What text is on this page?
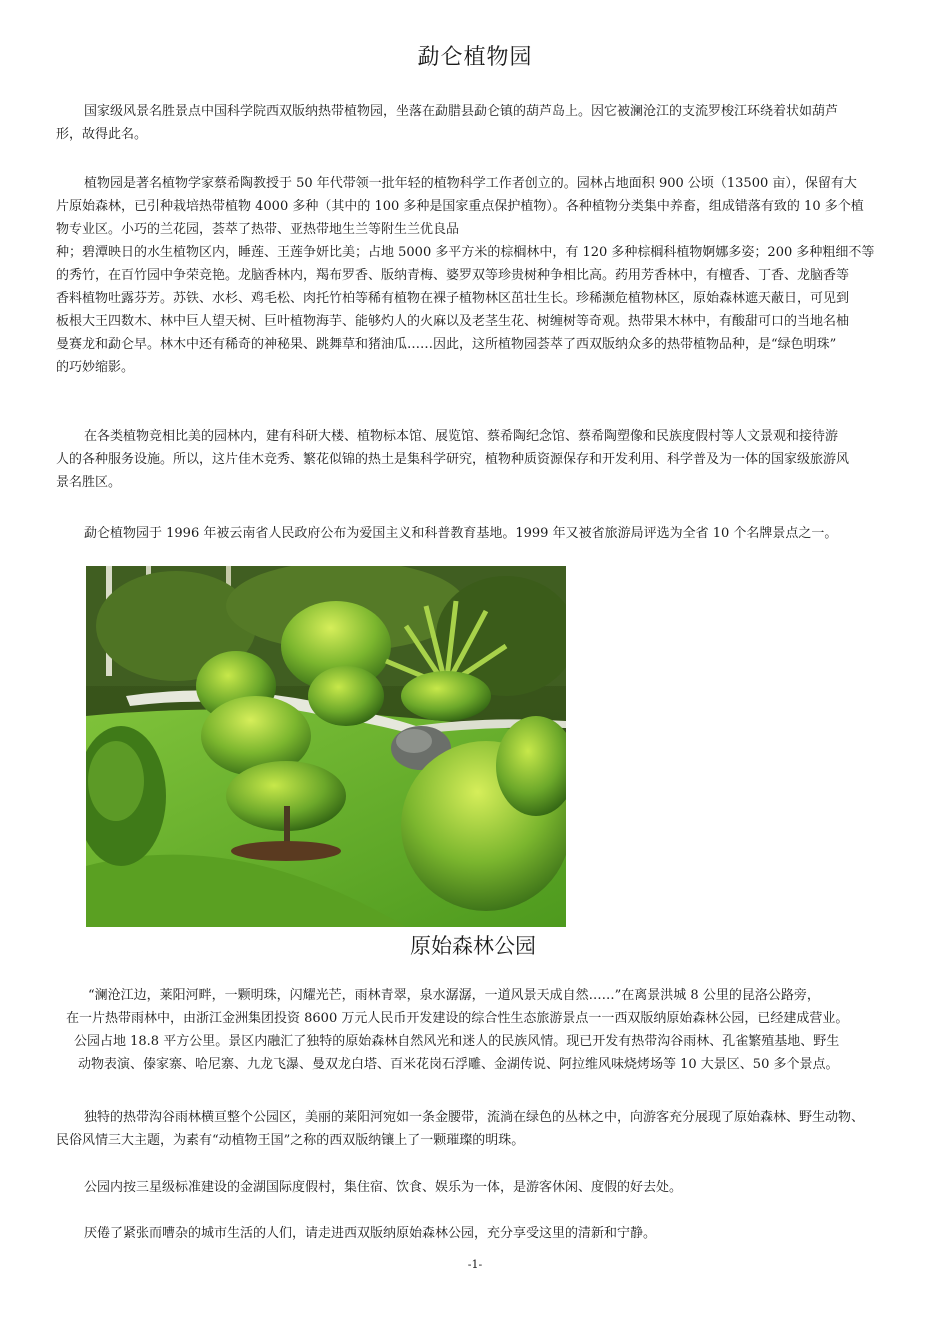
勐仑植物园
国家级风景名胜景点中国科学院西双版纳热带植物园，坐落在勐腊县勐仑镇的葫芦岛上。因它被澜沧江的支流罗梭江环绕着状如葫芦
形，故得此名。
植物园是著名植物学家蔡希陶教授于 50 年代带领一批年轻的植物科学工作者创立的。园林占地面积 900 公顷（13500 亩），保留有大
片原始森林，已引种栽培热带植物 4000 多种（其中的 100 多种是国家重点保护植物）。各种植物分类集中养畜，组成错落有致的 10 多个植
物专业区。小巧的兰花园，荟萃了热带、亚热带地生兰等附生兰优良品
种；碧潭映日的水生植物区内，睡莲、王莲争妍比美；占地 5000 多平方米的棕榈林中，有 120 多种棕榈科植物婀娜多姿；200 多种粗细不等
的秀竹，在百竹园中争荣竞艳。龙脑香林内，羯布罗香、版纳青梅、婆罗双等珍贵树种争相比高。药用芳香林中，有檀香、丁香、龙脑香等
香料植物吐露芬芳。苏铁、水杉、鸡毛松、肉托竹柏等稀有植物在裸子植物林区茁壮生长。珍稀濒危植物林区，原始森林遮天蔽日，可见到
板根大王四数木、林中巨人望天树、巨叶植物海芋、能够灼人的火麻以及老茎生花、树缠树等奇观。热带果木林中，有酸甜可口的当地名柚
曼赛龙和勐仑早。林木中还有稀奇的神秘果、跳舞草和猪油瓜……因此，这所植物园荟萃了西双版纳众多的热带植物品种，是“绿色明珠”
的巧妙缩影。
在各类植物竞相比美的园林内，建有科研大楼、植物标本馆、展览馆、蔡希陶纪念馆、蔡希陶塑像和民族度假村等人文景观和接待游
人的各种服务设施。所以，这片佳木竞秀、繁花似锦的热土是集科学研究，植物种质资源保存和开发利用、科学普及为一体的国家级旅游风
景名胜区。
勐仑植物园于 1996 年被云南省人民政府公布为爱国主义和科普教育基地。1999 年又被省旅游局评选为全省 10 个名牌景点之一。
原始森林公园
“澜沧江边，莱阳河畔，一颗明珠，闪耀光芒，雨林青翠，泉水潺潺，一道风景天成自然……”在离景洪城 8 公里的昆洛公路旁，
在一片热带雨林中，由浙江金洲集团投资 8600 万元人民币开发建设的综合性生态旅游景点一一西双版纳原始森林公园，已经建成营业。
公园占地 18.8 平方公里。景区内融汇了独特的原始森林自然风光和迷人的民族风情。现已开发有热带沟谷雨林、孔雀繁殖基地、野生
动物表演、傣家寨、哈尼寨、九龙飞瀑、曼双龙白塔、百米花岗石浮雕、金湖传说、阿拉维风味烧烤场等 10 大景区、50 多个景点。
独特的热带沟谷雨林横亘整个公园区，美丽的莱阳河宛如一条金腰带，流淌在绿色的丛林之中，向游客充分展现了原始森林、野生动物、
民俗风情三大主题，为素有“动植物王国”之称的西双版纳镶上了一颗璀璨的明珠。
公园内按三星级标准建设的金湖国际度假村，集住宿、饮食、娱乐为一体，是游客休闲、度假的好去处。
厌倦了紧张而嘈杂的城市生活的人们，请走进西双版纳原始森林公园，充分享受这里的清新和宁静。
-1-
